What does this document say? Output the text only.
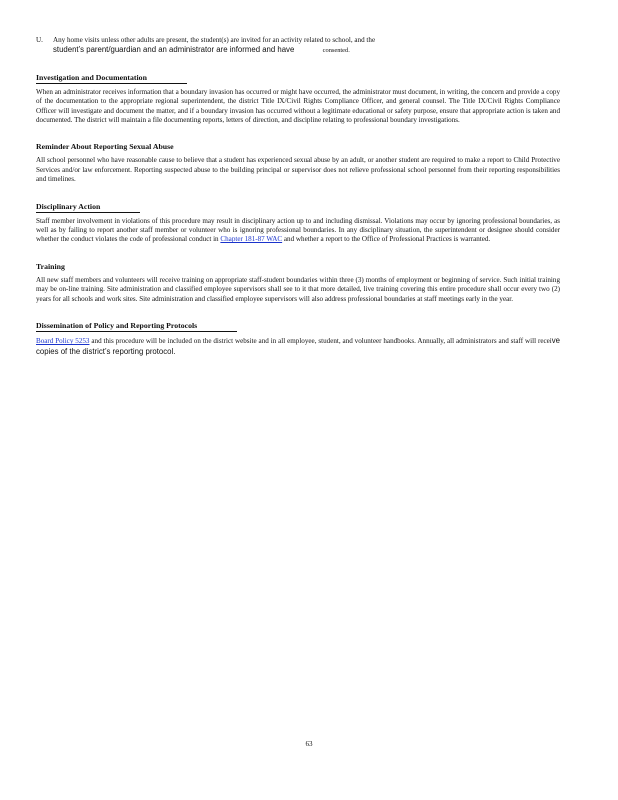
U.	Any home visits unless other adults are present, the student(s) are invited for an activity related to school, and the

student’s parent/guardian and an administrator are informed and have	consented.

Investigation and Documentation

When an administrator receives information that a boundary invasion has occurred or might have occurred, the administrator must document, in writing, the concern and provide a copy of the documentation to the appropriate regional superintendent, the district Title IX/Civil Rights Compliance Officer, and general counsel. The Title IX/Civil Rights Compliance Officer will investigate and document the matter, and if a boundary invasion has occurred without a legitimate educational or safety purpose, ensure that appropriate action is taken and documented. The district will maintain a file documenting reports, letters of direction, and discipline relating to professional boundary investigations.

Reminder About Reporting Sexual Abuse

All school personnel who have reasonable cause to believe that a student has experienced sexual abuse by an adult, or another student are required to make a report to Child Protective Services and/or law enforcement. Reporting suspected abuse to the building principal or supervisor does not relieve professional school personnel from their reporting responsibilities and timelines.

Disciplinary Action

Staff member involvement in violations of this procedure may result in disciplinary action up to and including dismissal. Violations may occur by ignoring professional boundaries, as well as by failing to report another staff member or volunteer who is ignoring professional boundaries. In any disciplinary situation, the superintendent or designee should consider whether the conduct violates the code of professional conduct in Chapter 181-87 WAC and whether a report to the Office of Professional Practices is warranted.

Training

All new staff members and volunteers will receive training on appropriate staff-student boundaries within three (3) months of employment or beginning of service. Such initial training may be on-line training. Site administration and classified employee supervisors shall see to it that more detailed, live training covering this entire procedure shall occur every two (2) years for all schools and work sites. Site administration and classified employee supervisors will also address professional boundaries at staff meetings early in the year.

Dissemination of Policy and Reporting Protocols

Board Policy 5253 and this procedure will be included on the district website and in all employee, student, and volunteer handbooks. Annually, all administrators and staff will receive copies of the district’s reporting protocol.

63
